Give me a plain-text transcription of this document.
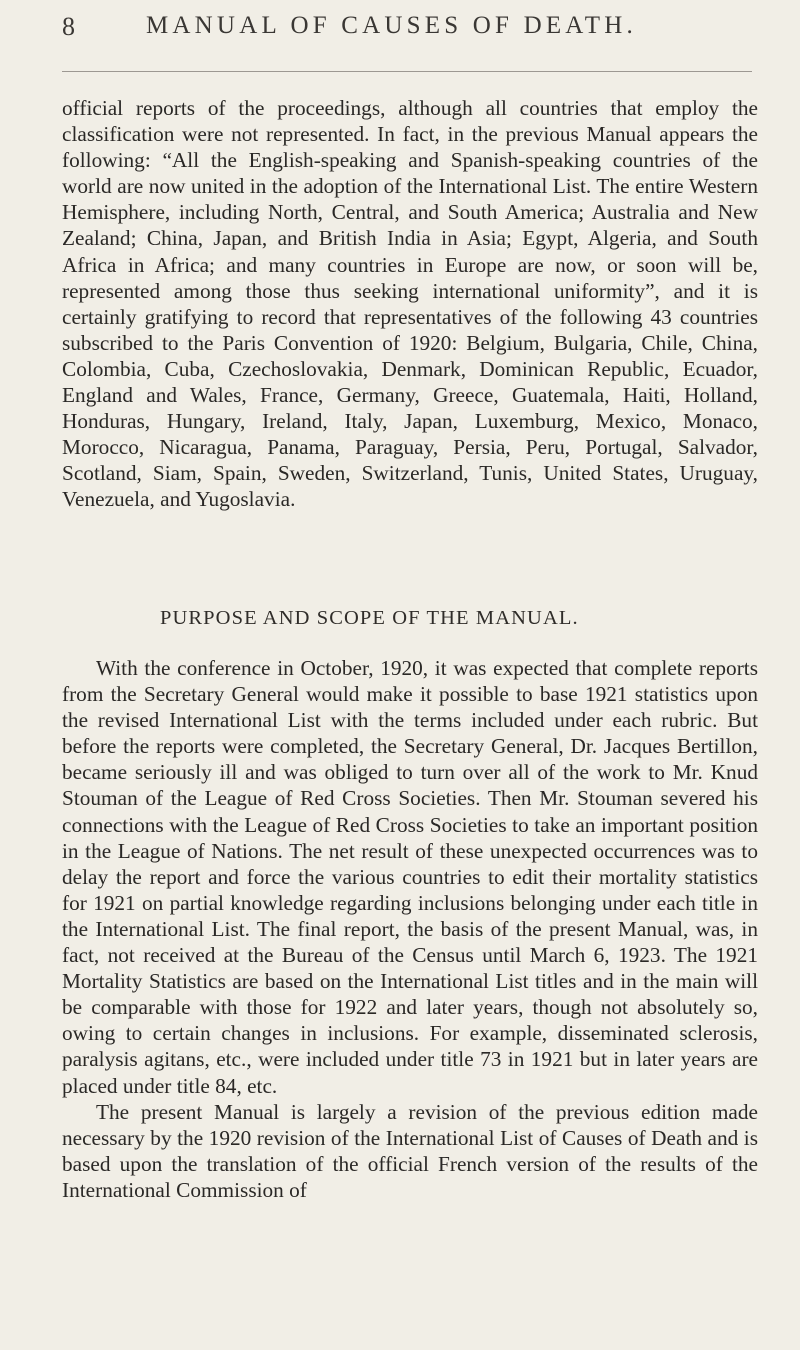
8	MANUAL OF CAUSES OF DEATH.

official reports of the proceedings, although all countries that employ the classification were not represented. In fact, in the previous Manual appears the following: “All the English-speaking and Spanish-speaking countries of the world are now united in the adoption of the International List. The entire Western Hemisphere, including North, Central, and South America; Australia and New Zealand; China, Japan, and British India in Asia; Egypt, Algeria, and South Africa in Africa; and many countries in Europe are now, or soon will be, represented among those thus seeking international uniformity”, and it is certainly gratifying to record that representatives of the following 43 countries subscribed to the Paris Convention of 1920: Belgium, Bulgaria, Chile, China, Colombia, Cuba, Czechoslovakia, Denmark, Dominican Republic, Ecuador, England and Wales, France, Germany, Greece, Guatemala, Haiti, Holland, Honduras, Hungary, Ireland, Italy, Japan, Luxemburg, Mexico, Monaco, Morocco, Nicaragua, Panama, Paraguay, Persia, Peru, Portugal, Salvador, Scotland, Siam, Spain, Sweden, Switzerland, Tunis, United States, Uruguay, Venezuela, and Yugoslavia.

PURPOSE AND SCOPE OF THE MANUAL.

With the conference in October, 1920, it was expected that complete reports from the Secretary General would make it possible to base 1921 statistics upon the revised International List with the terms included under each rubric. But before the reports were completed, the Secretary General, Dr. Jacques Bertillon, became seriously ill and was obliged to turn over all of the work to Mr. Knud Stouman of the League of Red Cross Societies. Then Mr. Stouman severed his connections with the League of Red Cross Societies to take an important position in the League of Nations. The net result of these unexpected occurrences was to delay the report and force the various countries to edit their mortality statistics for 1921 on partial knowledge regarding inclusions belonging under each title in the International List. The final report, the basis of the present Manual, was, in fact, not received at the Bureau of the Census until March 6, 1923. The 1921 Mortality Statistics are based on the International List titles and in the main will be comparable with those for 1922 and later years, though not absolutely so, owing to certain changes in inclusions. For example, disseminated sclerosis, paralysis agitans, etc., were included under title 73 in 1921 but in later years are placed under title 84, etc.

The present Manual is largely a revision of the previous edition made necessary by the 1920 revision of the International List of Causes of Death and is based upon the translation of the official French version of the results of the International Commission of
